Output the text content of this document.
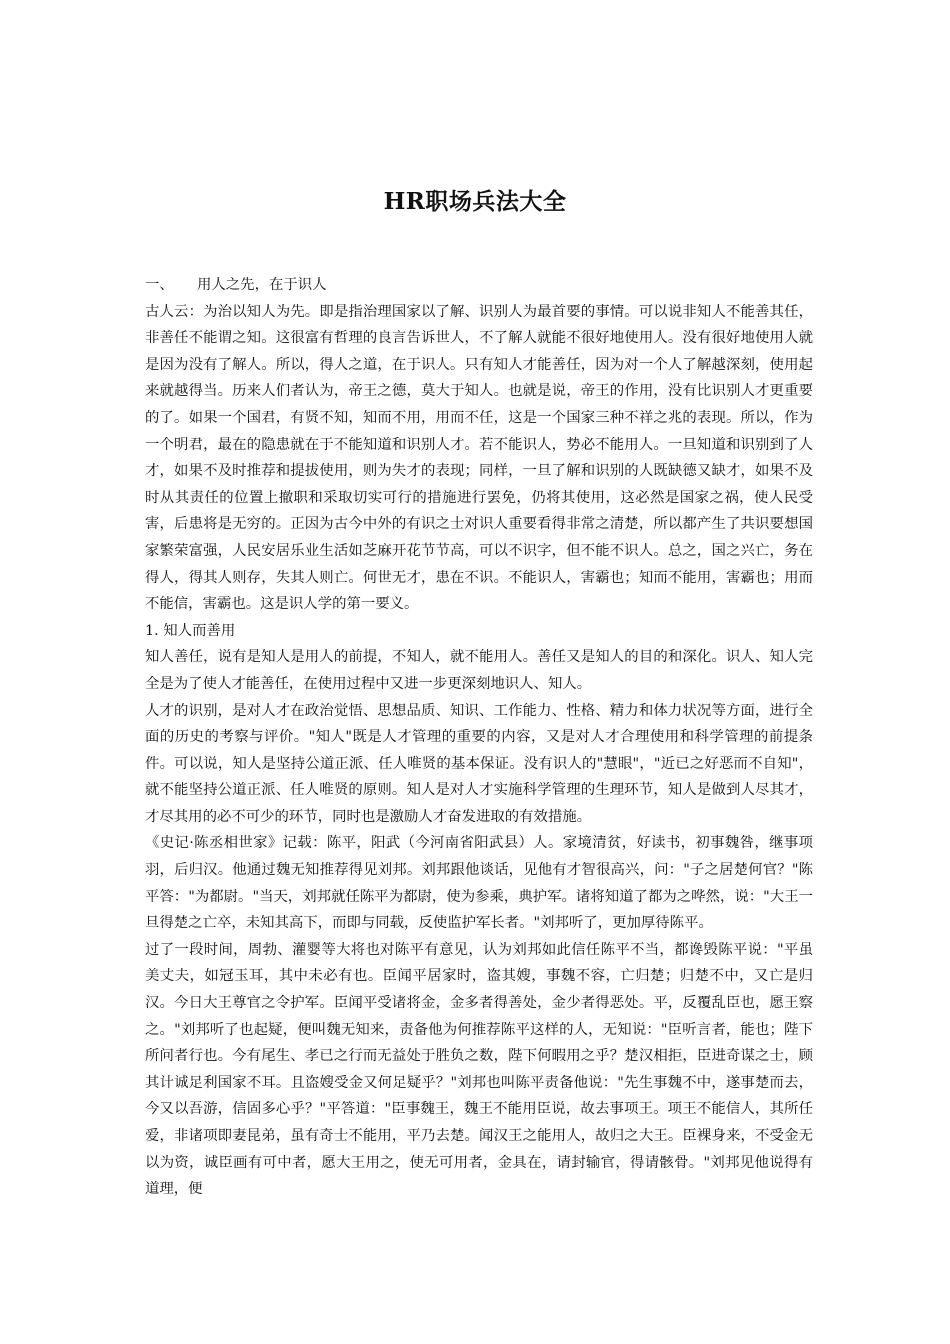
HR职场兵法大全

一、	用人之先，在于识人

古人云：为治以知人为先。即是指治理国家以了解、识别人为最首要的事情。可以说非知人不能善其任，非善任不能谓之知。这很富有哲理的良言告诉世人，不了解人就能不很好地使用人。没有很好地使用人就是因为没有了解人。所以，得人之道，在于识人。只有知人才能善任，因为对一个人了解越深刻，使用起来就越得当。历来人们者认为，帝王之德，莫大于知人。也就是说，帝王的作用，没有比识别人才更重要的了。如果一个国君，有贤不知，知而不用，用而不任，这是一个国家三种不祥之兆的表现。所以，作为一个明君，最在的隐患就在于不能知道和识别人才。若不能识人，势必不能用人。一旦知道和识别到了人才，如果不及时推荐和提拔使用，则为失才的表现；同样，一旦了解和识别的人既缺德又缺才，如果不及时从其责任的位置上撤职和采取切实可行的措施进行罢免，仍将其使用，这必然是国家之祸，使人民受害，后患将是无穷的。正因为古今中外的有识之士对识人重要看得非常之清楚，所以都产生了共识要想国家繁荣富强，人民安居乐业生活如芝麻开花节节高，可以不识字，但不能不识人。总之，国之兴亡，务在得人，得其人则存，失其人则亡。何世无才，患在不识。不能识人，害霸也；知而不能用，害霸也；用而不能信，害霸也。这是识人学的第一要义。

1. 知人而善用

知人善任，说有是知人是用人的前提，不知人，就不能用人。善任又是知人的目的和深化。识人、知人完全是为了使人才能善任，在使用过程中又进一步更深刻地识人、知人。

人才的识别，是对人才在政治觉悟、思想品质、知识、工作能力、性格、精力和体力状况等方面，进行全面的历史的考察与评价。"知人"既是人才管理的重要的内容，又是对人才合理使用和科学管理的前提条件。可以说，知人是坚持公道正派、任人唯贤的基本保证。没有识人的"慧眼"，"近已之好恶而不自知"，就不能坚持公道正派、任人唯贤的原则。知人是对人才实施科学管理的生理环节，知人是做到人尽其才，才尽其用的必不可少的环节，同时也是激励人才奋发进取的有效措施。

《史记·陈丞相世家》记载：陈平，阳武（今河南省阳武县）人。家境清贫，好读书，初事魏咎，继事项羽，后归汉。他通过魏无知推荐得见刘邦。刘邦跟他谈话，见他有才智很高兴，问："子之居楚何官？"陈平答："为都尉。"当天，刘邦就任陈平为都尉，使为参乘，典护军。诸将知道了都为之哗然，说："大王一旦得楚之亡卒，未知其高下，而即与同载，反使监护军长者。"刘邦听了，更加厚待陈平。

过了一段时间，周勃、灌婴等大将也对陈平有意见，认为刘邦如此信任陈平不当，都谗毁陈平说："平虽美丈夫，如冠玉耳，其中未必有也。臣闻平居家时，盗其嫂，事魏不容，亡归楚；归楚不中，又亡是归汉。今日大王尊官之令护军。臣闻平受诸将金，金多者得善处，金少者得恶处。平，反覆乱臣也，愿王察之。"刘邦听了也起疑，便叫魏无知来，责备他为何推荐陈平这样的人，无知说："臣听言者，能也；陛下所问者行也。今有尾生、孝已之行而无益处于胜负之数，陛下何暇用之乎？楚汉相拒，臣进奇谋之士，顾其计诚足利国家不耳。且盗嫂受金又何足疑乎？"刘邦也叫陈平责备他说："先生事魏不中，遂事楚而去，今又以吾游，信固多心乎？"平答道："臣事魏王，魏王不能用臣说，故去事项王。项王不能信人，其所任爱，非诸项即妻昆弟，虽有奇士不能用，平乃去楚。闻汉王之能用人，故归之大王。臣裸身来，不受金无以为资，诚臣画有可中者，愿大王用之，使无可用者，金具在，请封输官，得请骸骨。"刘邦见他说得有道理，便
